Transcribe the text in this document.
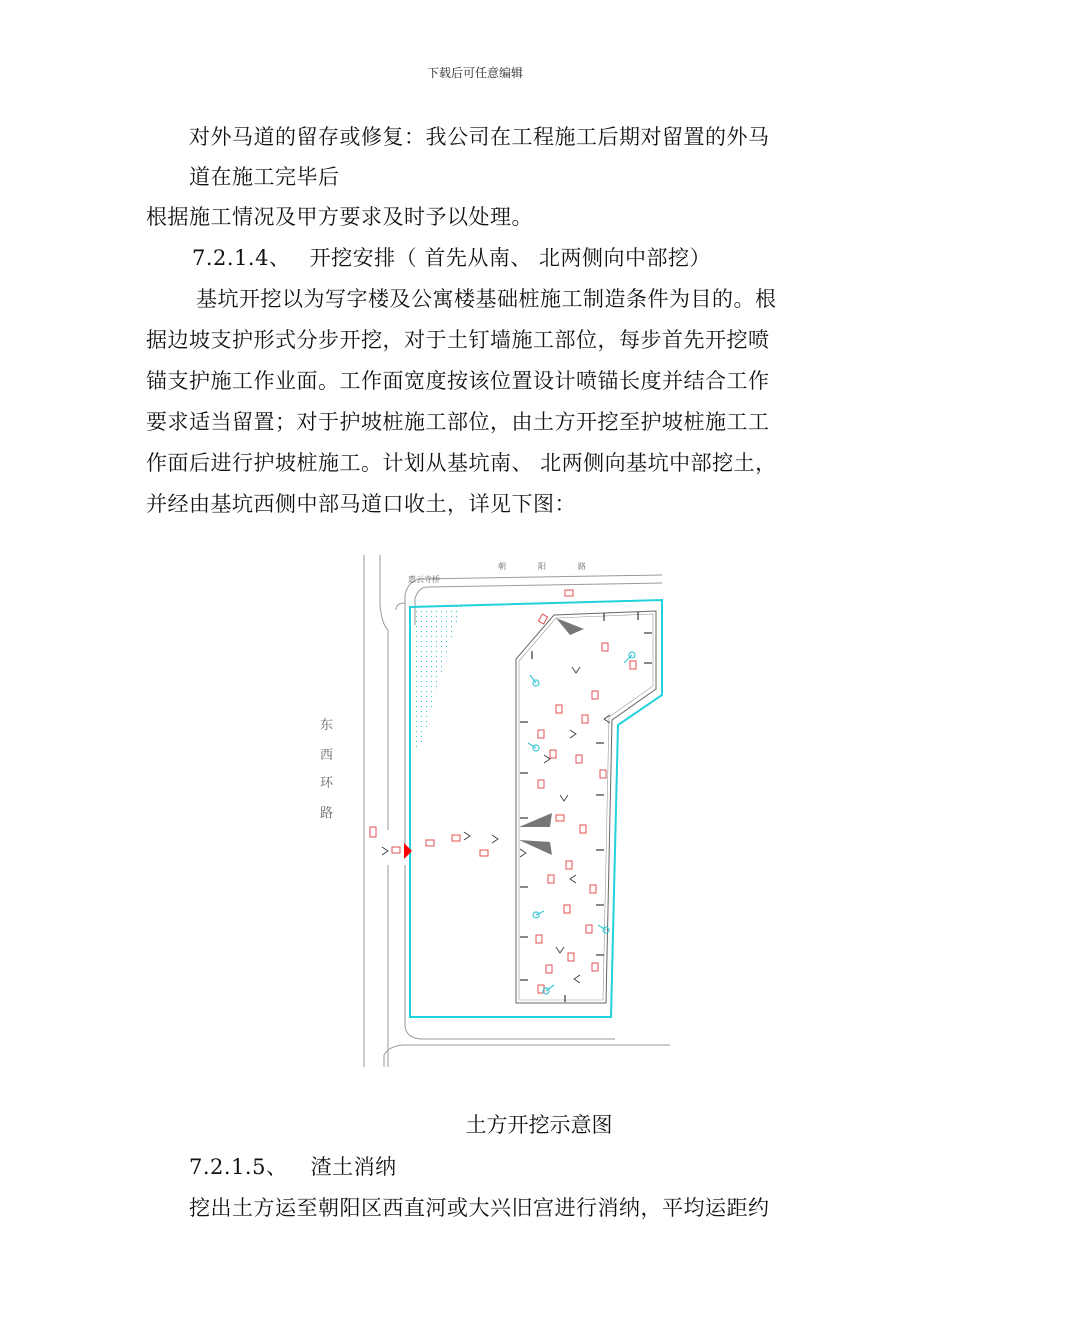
下载后可任意编辑
对外马道的留存或修复：我公司在工程施工后期对留置的外马
道在施工完毕后
根据施工情况及甲方要求及时予以处理。
7.2.1.4、 开挖安排（ 首先从南、 北两侧向中部挖）
基坑开挖以为写字楼及公寓楼基础桩施工制造条件为目的。根
据边坡支护形式分步开挖，对于土钉墙施工部位，每步首先开挖喷
锚支护施工作业面。工作面宽度按该位置设计喷锚长度并结合工作
要求适当留置；对于护坡桩施工部位，由土方开挖至护坡桩施工工
作面后进行护坡桩施工。计划从基坑南、 北两侧向基坑中部挖土，
并经由基坑西侧中部马道口收土，详见下图：
惠云寺桥
朝	阳	路
东
西
环
路
土方开挖示意图
7.2.1.5、 渣土消纳
挖出土方运至朝阳区西直河或大兴旧宫进行消纳，平均运距约
